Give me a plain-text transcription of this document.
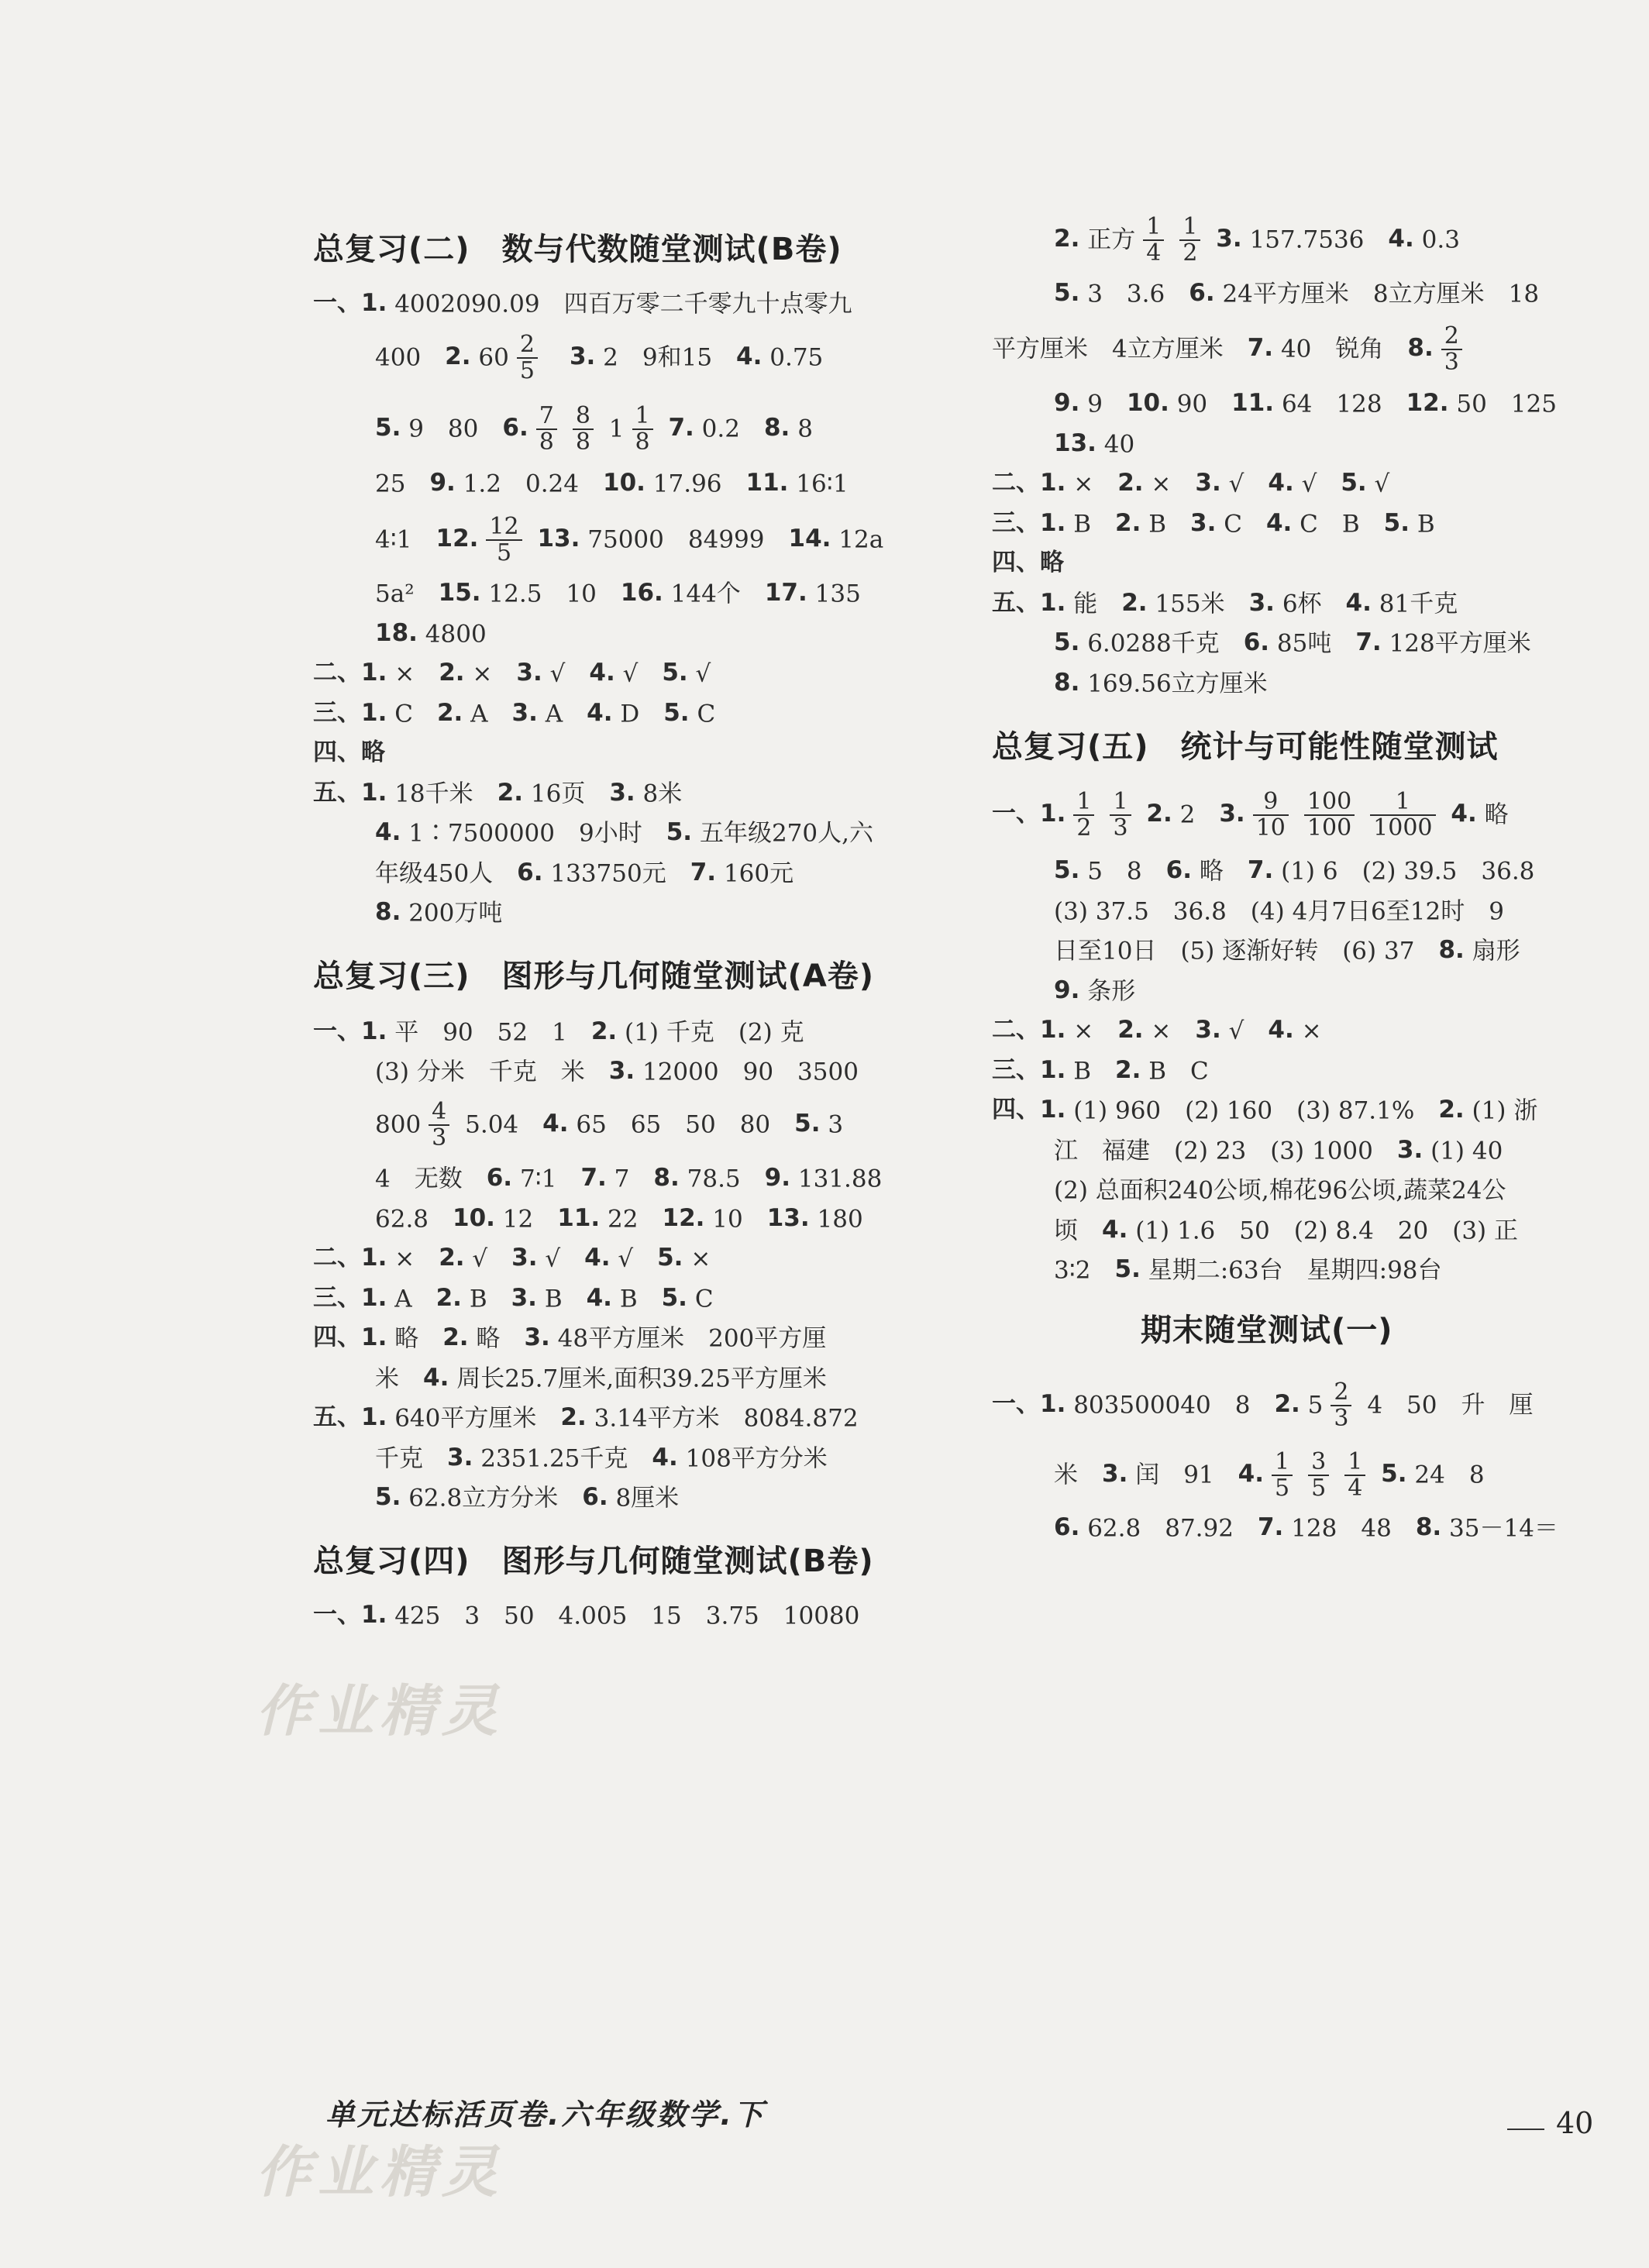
总复习(二)　数与代数随堂测试(B卷)
一、1. 4002090.09　四百万零二千零九十点零九
400　2. $60 \frac{2}{5}$
　 3. 2　9和15　4. 0.75
5. 9　80　6. $\frac{7}{8} \frac{8}{8} 1 \frac{1}{8} 7$. 0.2　8. 8
25　9. 1.2　0.24　10. 17.96　11. 16∶1
4∶1　12. $\frac{12}{5} 13$. 75000　84999　14. 12a
5a²　15. 12.5　10　16. 144个　17. 135
18. 4800
二、1. ×　2. ×　3. √　4. √　5. √
三、1. C　2. A　3. A　4. D　5. C
四、略
五、1. 18千米　2. 16页　3. 8米
4. 1∶7500000　9小时　5. 五年级270人,六
年级450人　6. 133750元　7. 160元
8. 200万吨
总复习(三)　图形与几何随堂测试(A卷)
一、1. 平　90　52　1　2. (1) 千克　(2) 克
(3) 分米　千克　米　3. 12000　90　3500
$800 \frac{4}{3} 5.04$　4. 65　65　50　80　5. 3
4　无数　6. 7∶1　7. 7　8. 78.5　9. 131.88
62.8　10. 12　11. 22　12. 10　13. 180
二、1. ×　2. √　3. √　4. √　5. ×
三、1. A　2. B　3. B　4. B　5. C
四、1. 略　2. 略　3. 48平方厘米　200平方厘
米　4. 周长25.7厘米,面积39.25平方厘米
五、1. 640平方厘米　2. 3.14平方米　8084.872
千克　3. 2351.25千克　4. 108平方分米
5. 62.8立方分米　6. 8厘米
总复习(四)　图形与几何随堂测试(B卷)
一、1. 425　3　50　4.005　15　3.75　10080
2. 正方 $\frac{1}{4} \frac{1}{2} 3$. 157.7536　4. 0.3
5. 3　3.6　6. 24平方厘米　8立方厘米　18
平方厘米　4立方厘米　7. 40　锐角　8. $\frac{2}{3}$
9. 9　10. 90　11. 64　128　12. 50　125
13. 40
二、1. ×　2. ×　3. √　4. √　5. √
三、1. B　2. B　3. C　4. C　B　5. B
四、略
五、1. 能　2. 155米　3. 6杯　4. 81千克
5. 6.0288千克　6. 85吨　7. 128平方厘米
8. 169.56立方厘米
总复习(五)　统计与可能性随堂测试
一、1. $\frac{1}{2} \frac{1}{3} 2$. 2　3. $\frac{9}{10} \frac{100}{100} \frac{1}{1000} 4$. 略
5. 5　8　6. 略　7. (1) 6　(2) 39.5　36.8
(3) 37.5　36.8　(4) 4月7日6至12时　9
日至10日　(5) 逐渐好转　(6) 37　8. 扇形
9. 条形
二、1. ×　2. ×　3. √　4. ×
三、1. B　2. B　C
四、1. (1) 960　(2) 160　(3) 87.1%　2. (1) 浙
江　福建　(2) 23　(3) 1000　3. (1) 40
(2) 总面积240公顷,棉花96公顷,蔬菜24公
顷　4. (1) 1.6　50　(2) 8.4　20　(3) 正
3∶2　5. 星期二:63台　星期四:98台
期末随堂测试(一)
一、1. 803500040　8　2. $5 \frac{2}{3} 4$　50　升　厘
米　3. 闰　91　4. $\frac{1}{5} \frac{3}{5} \frac{1}{4} 5$. 24　8
6. 62.8　87.92　7. 128　48　8. 35－14＝
作业精灵
作业精灵
单元达标活页卷.六年级数学.下	40
